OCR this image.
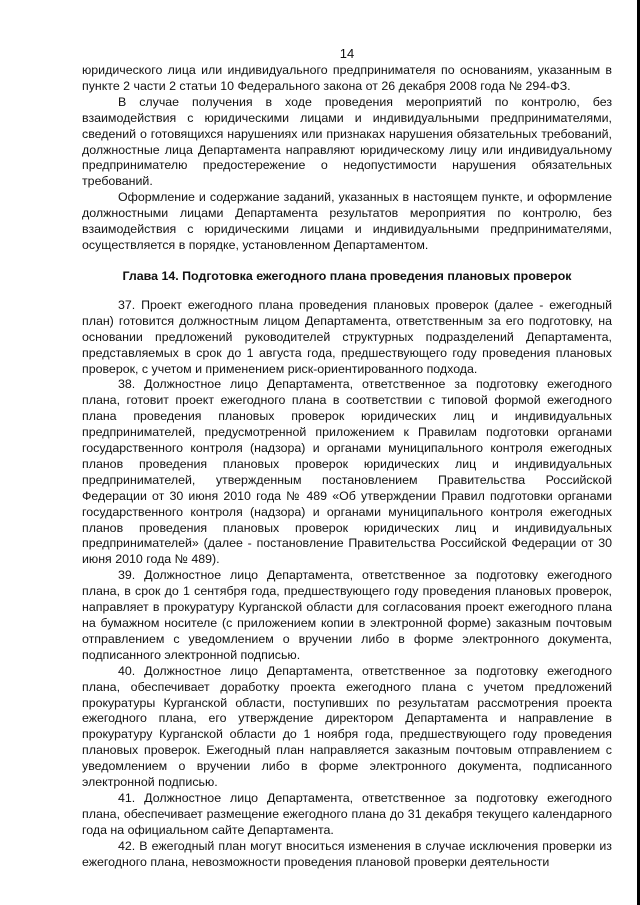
14

юридического лица или индивидуального предпринимателя по основаниям, указанным в пункте 2 части 2 статьи 10 Федерального закона от 26 декабря 2008 года № 294-ФЗ.

В случае получения в ходе проведения мероприятий по контролю, без взаимодействия с юридическими лицами и индивидуальными предпринимателями, сведений о готовящихся нарушениях или признаках нарушения обязательных требований, должностные лица Департамента направляют юридическому лицу или индивидуальному предпринимателю предостережение о недопустимости нарушения обязательных требований.

Оформление и содержание заданий, указанных в настоящем пункте, и оформление должностными лицами Департамента результатов мероприятия по контролю, без взаимодействия с юридическими лицами и индивидуальными предпринимателями, осуществляется в порядке, установленном Департаментом.

Глава 14. Подготовка ежегодного плана проведения плановых проверок

37. Проект ежегодного плана проведения плановых проверок (далее - ежегодный план) готовится должностным лицом Департамента, ответственным за его подготовку, на основании предложений руководителей структурных подразделений Департамента, представляемых в срок до 1 августа года, предшествующего году проведения плановых проверок, с учетом и применением риск-ориентированного подхода.

38. Должностное лицо Департамента, ответственное за подготовку ежегодного плана, готовит проект ежегодного плана в соответствии с типовой формой ежегодного плана проведения плановых проверок юридических лиц и индивидуальных предпринимателей, предусмотренной приложением к Правилам подготовки органами государственного контроля (надзора) и органами муниципального контроля ежегодных планов проведения плановых проверок юридических лиц и индивидуальных предпринимателей, утвержденным постановлением Правительства Российской Федерации от 30 июня 2010 года № 489 «Об утверждении Правил подготовки органами государственного контроля (надзора) и органами муниципального контроля ежегодных планов проведения плановых проверок юридических лиц и индивидуальных предпринимателей» (далее - постановление Правительства Российской Федерации от 30 июня 2010 года № 489).

39. Должностное лицо Департамента, ответственное за подготовку ежегодного плана, в срок до 1 сентября года, предшествующего году проведения плановых проверок, направляет в прокуратуру Курганской области для согласования проект ежегодного плана на бумажном носителе (с приложением копии в электронной форме) заказным почтовым отправлением с уведомлением о вручении либо в форме электронного документа, подписанного электронной подписью.

40. Должностное лицо Департамента, ответственное за подготовку ежегодного плана, обеспечивает доработку проекта ежегодного плана с учетом предложений прокуратуры Курганской области, поступивших по результатам рассмотрения проекта ежегодного плана, его утверждение директором Департамента и направление в прокуратуру Курганской области до 1 ноября года, предшествующего году проведения плановых проверок. Ежегодный план направляется заказным почтовым отправлением с уведомлением о вручении либо в форме электронного документа, подписанного электронной подписью.

41. Должностное лицо Департамента, ответственное за подготовку ежегодного плана, обеспечивает размещение ежегодного плана до 31 декабря текущего календарного года на официальном сайте Департамента.

42. В ежегодный план могут вноситься изменения в случае исключения проверки из ежегодного плана, невозможности проведения плановой проверки деятельности
